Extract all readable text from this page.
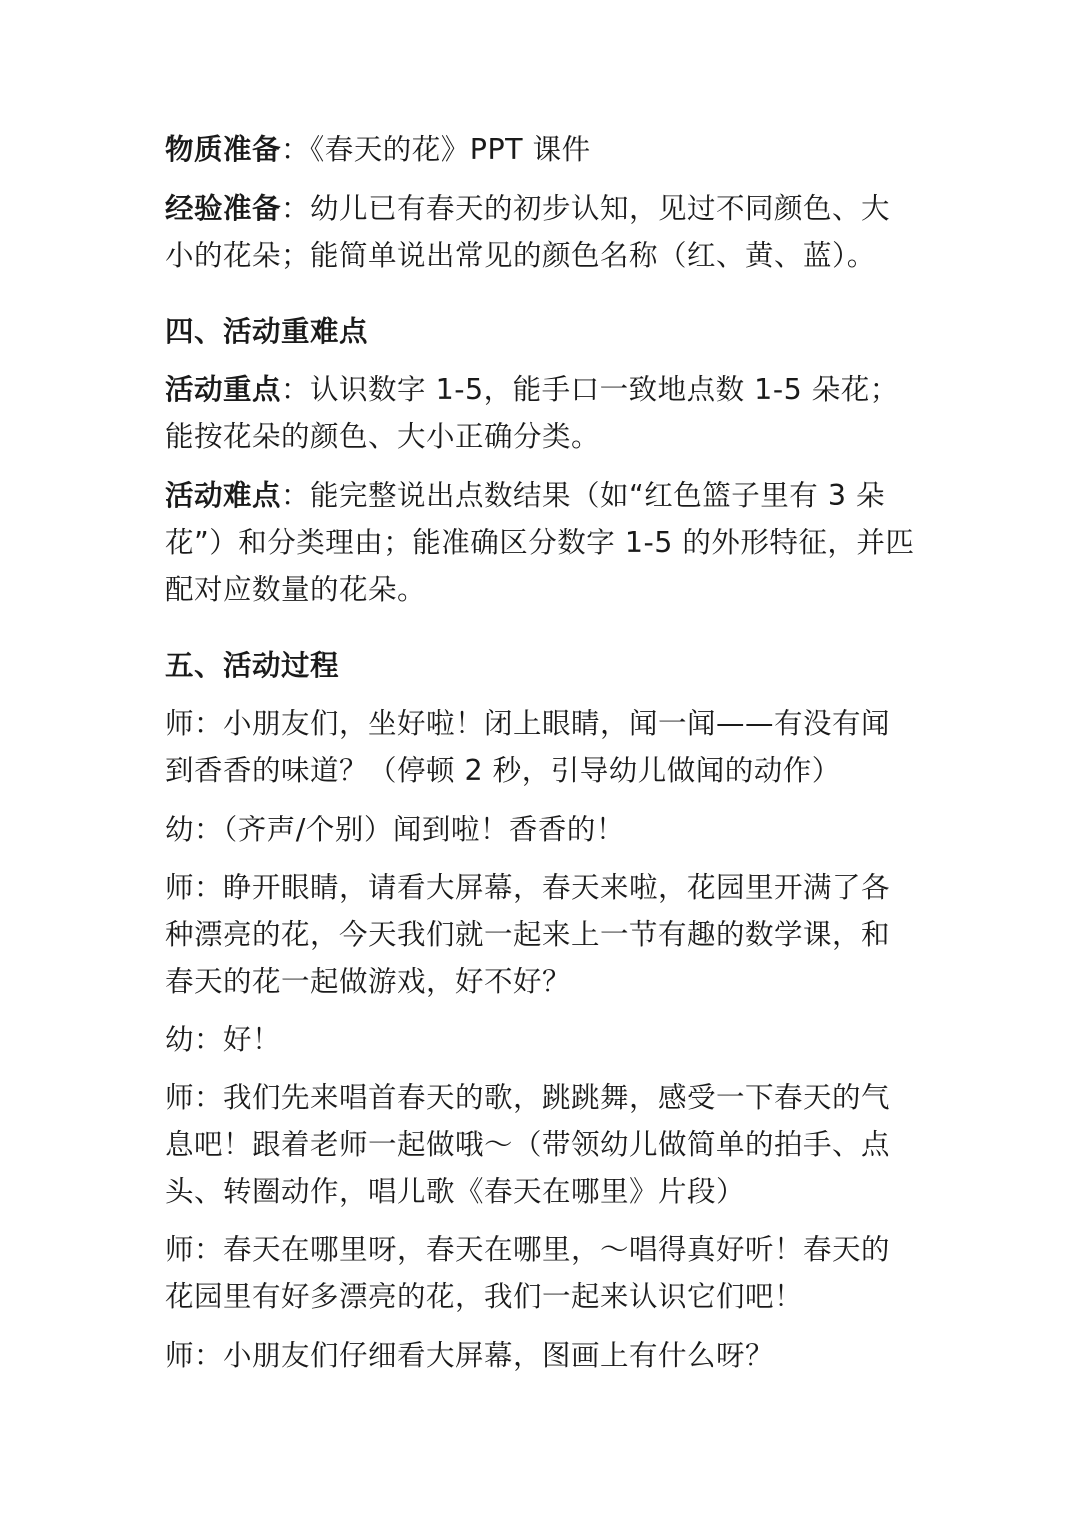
物质准备：《春天的花》PPT 课件

经验准备：幼儿已有春天的初步认知，见过不同颜色、大小的花朵；能简单说出常见的颜色名称（红、黄、蓝）。

四、活动重难点

活动重点：认识数字 1-5，能手口一致地点数 1-5 朵花；能按花朵的颜色、大小正确分类。

活动难点：能完整说出点数结果（如“红色篮子里有 3 朵花”）和分类理由；能准确区分数字 1-5 的外形特征，并匹配对应数量的花朵。

五、活动过程

师：小朋友们，坐好啦！闭上眼睛，闻一闻——有没有闻到香香的味道？（停顿 2 秒，引导幼儿做闻的动作）

幼：（齐声/个别）闻到啦！香香的！

师：睁开眼睛，请看大屏幕，春天来啦，花园里开满了各种漂亮的花，今天我们就一起来上一节有趣的数学课，和春天的花一起做游戏，好不好？

幼：好！

师：我们先来唱首春天的歌，跳跳舞，感受一下春天的气息吧！跟着老师一起做哦～（带领幼儿做简单的拍手、点头、转圈动作，唱儿歌《春天在哪里》片段）

师：春天在哪里呀，春天在哪里，～唱得真好听！春天的花园里有好多漂亮的花，我们一起来认识它们吧！

师：小朋友们仔细看大屏幕，图画上有什么呀？
